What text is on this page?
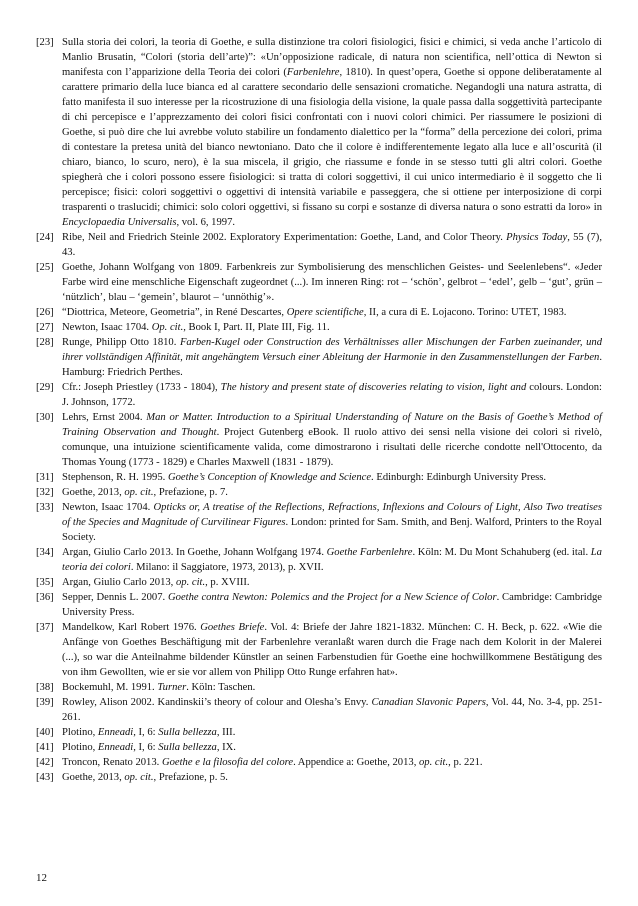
[23] Sulla storia dei colori, la teoria di Goethe, e sulla distinzione tra colori fisiologici, fisici e chimici, si veda anche l’articolo di Manlio Brusatin, “Colori (storia dell’arte)”: «Un’opposizione radicale, di natura non scientifica, nell’ottica di Newton si manifesta con l’apparizione della Teoria dei colori (Farbenlehre, 1810). In quest’opera, Goethe si oppone deliberatamente al carattere primario della luce bianca ed al carattere secondario delle sensazioni cromatiche. Negandogli una natura astratta, di fatto manifesta il suo interesse per la ricostruzione di una fisiologia della visione, la quale passa dalla soggettività partecipante di chi percepisce e l’apprezzamento dei colori fisici confrontati con i nuovi colori chimici. Per riassumere le posizioni di Goethe, si può dire che lui avrebbe voluto stabilire un fondamento dialettico per la “forma” della percezione dei colori, prima di contestare la pretesa unità del bianco newtoniano. Dato che il colore è indifferentemente legato alla luce e all’oscurità (il chiaro, bianco, lo scuro, nero), è la sua miscela, il grigio, che riassume e fonde in se stesso tutti gli altri colori. Goethe spiegherà che i colori possono essere fisiologici: si tratta di colori soggettivi, il cui unico intermediario è il soggetto che li percepisce; fisici: colori soggettivi o oggettivi di intensità variabile e passeggera, che si ottiene per interposizione di corpi trasparenti o traslucidi; chimici: solo colori oggettivi, si fissano su corpi e sostanze di diversa natura o sono estratti da loro» in Encyclopaedia Universalis, vol. 6, 1997.
[24] Ribe, Neil and Friedrich Steinle 2002. Exploratory Experimentation: Goethe, Land, and Color Theory. Physics Today, 55 (7), 43.
[25] Goethe, Johann Wolfgang von 1809. Farbenkreis zur Symbolisierung des menschlichen Geistes- und Seelenlebens“. «Jeder Farbe wird eine menschliche Eigenschaft zugeordnet (...). Im inneren Ring: rot – ‘schön’, gelbrot – ‘edel’, gelb – ‘gut’, grün – ‘nützlich’, blau – ‘gemein’, blaurot – ‘unnöthig’».
[26] “Diottrica, Meteore, Geometria”, in René Descartes, Opere scientifiche, II, a cura di E. Lojacono. Torino: UTET, 1983.
[27] Newton, Isaac 1704. Op. cit., Book I, Part. II, Plate III, Fig. 11.
[28] Runge, Philipp Otto 1810. Farben-Kugel oder Construction des Verhältnisses aller Mischungen der Farben zueinander, und ihrer vollständigen Affinität, mit angehängtem Versuch einer Ableitung der Harmonie in den Zusammenstellungen der Farben. Hamburg: Friedrich Perthes.
[29] Cfr.: Joseph Priestley (1733 - 1804), The history and present state of discoveries relating to vision, light and colours. London: J. Johnson, 1772.
[30] Lehrs, Ernst 2004. Man or Matter. Introduction to a Spiritual Understanding of Nature on the Basis of Goethe’s Method of Training Observation and Thought. Project Gutenberg eBook. Il ruolo attivo dei sensi nella visione dei colori si rivelò, comunque, una intuizione scientificamente valida, come dimostrarono i risultati delle ricerche condotte nell'Ottocento, da Thomas Young (1773 - 1829) e Charles Maxwell (1831 - 1879).
[31] Stephenson, R. H. 1995. Goethe’s Conception of Knowledge and Science. Edinburgh: Edinburgh University Press.
[32] Goethe, 2013, op. cit., Prefazione, p. 7.
[33] Newton, Isaac 1704. Opticks or, A treatise of the Reflections, Refractions, Inflexions and Colours of Light, Also Two treatises of the Species and Magnitude of Curvilinear Figures. London: printed for Sam. Smith, and Benj. Walford, Printers to the Royal Society.
[34] Argan, Giulio Carlo 2013. In Goethe, Johann Wolfgang 1974. Goethe Farbenlehre. Köln: M. Du Mont Schahuberg (ed. ital. La teoria dei colori. Milano: il Saggiatore, 1973, 2013), p. XVII.
[35] Argan, Giulio Carlo 2013, op. cit., p. XVIII.
[36] Sepper, Dennis L. 2007. Goethe contra Newton: Polemics and the Project for a New Science of Color. Cambridge: Cambridge University Press.
[37] Mandelkow, Karl Robert 1976. Goethes Briefe. Vol. 4: Briefe der Jahre 1821-1832. München: C. H. Beck, p. 622. «Wie die Anfänge von Goethes Beschäftigung mit der Farbenlehre veranlaßt waren durch die Frage nach dem Kolorit in der Malerei (...), so war die Anteilnahme bildender Künstler an seinen Farbenstudien für Goethe eine hochwillkommene Bestätigung des von ihm Gewollten, wie er sie vor allem von Philipp Otto Runge erfahren hat».
[38] Bockemuhl, M. 1991. Turner. Köln: Taschen.
[39] Rowley, Alison 2002. Kandinskii’s theory of colour and Olesha’s Envy. Canadian Slavonic Papers, Vol. 44, No. 3-4, pp. 251-261.
[40] Plotino, Enneadi, I, 6: Sulla bellezza, III.
[41] Plotino, Enneadi, I, 6: Sulla bellezza, IX.
[42] Troncon, Renato 2013. Goethe e la filosofia del colore. Appendice a: Goethe, 2013, op. cit., p. 221.
[43] Goethe, 2013, op. cit., Prefazione, p. 5.
12
